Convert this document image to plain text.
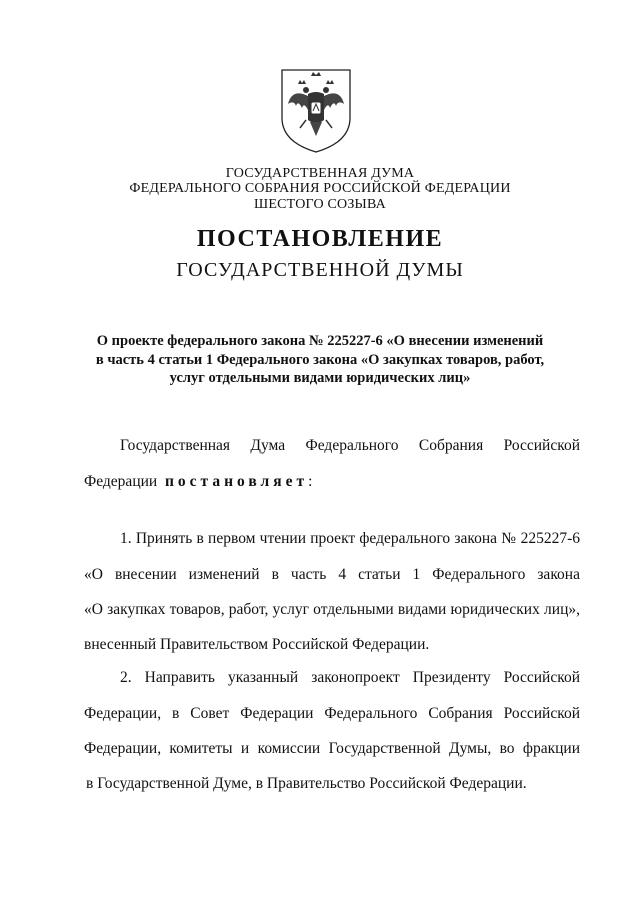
ГОСУДАРСТВЕННАЯ ДУМА
ФЕДЕРАЛЬНОГО СОБРАНИЯ РОССИЙСКОЙ ФЕДЕРАЦИИ
ШЕСТОГО СОЗЫВА
ПОСТАНОВЛЕНИЕ
ГОСУДАРСТВЕННОЙ ДУМЫ
О проекте федерального закона № 225227-6 «О внесении изменений
в часть 4 статьи 1 Федерального закона «О закупках товаров, работ,
услуг отдельными видами юридических лиц»
Государственная Дума Федерального Собрания Российской
Федерации постановляет:
1. Принять в первом чтении проект федерального закона № 225227-6
«О внесении изменений в часть 4 статьи 1 Федерального закона
«О закупках товаров, работ, услуг отдельными видами юридических лиц»,
внесенный Правительством Российской Федерации.
2. Направить указанный законопроект Президенту Российской
Федерации, в Совет Федерации Федерального Собрания Российской
Федерации, комитеты и комиссии Государственной Думы, во фракции
в Государственной Думе, в Правительство Российской Федерации.
